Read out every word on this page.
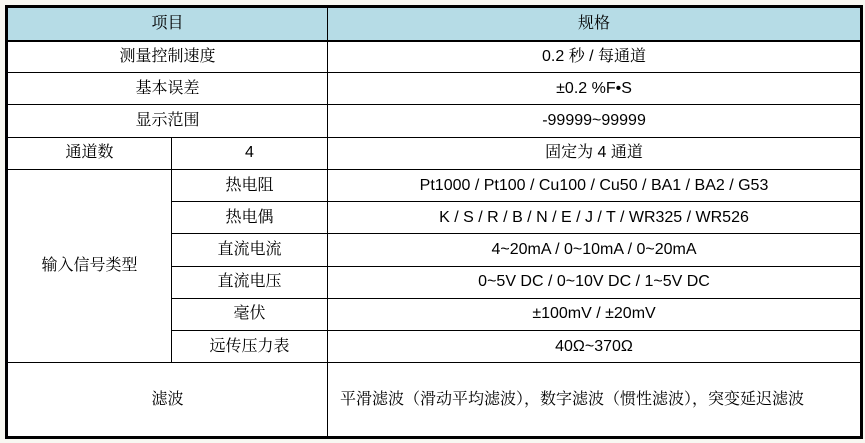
项目		规格
测量控制速度		0.2 秒 / 每通道
基本误差		±0.2 %F•S
显示范围		-99999~99999
通道数	4	固定为 4 通道
输入信号类型	热电阻	Pt1000 / Pt100 / Cu100 / Cu50 / BA1 / BA2 / G53
	热电偶	K / S / R / B / N / E / J / T / WR325 / WR526
	直流电流	4~20mA / 0~10mA / 0~20mA
	直流电压	0~5V DC / 0~10V DC / 1~5V DC
	毫伏	±100mV / ±20mV
	远传压力表	40Ω~370Ω
滤波		平滑滤波（滑动平均滤波），数字滤波（惯性滤波），突变延迟滤波
